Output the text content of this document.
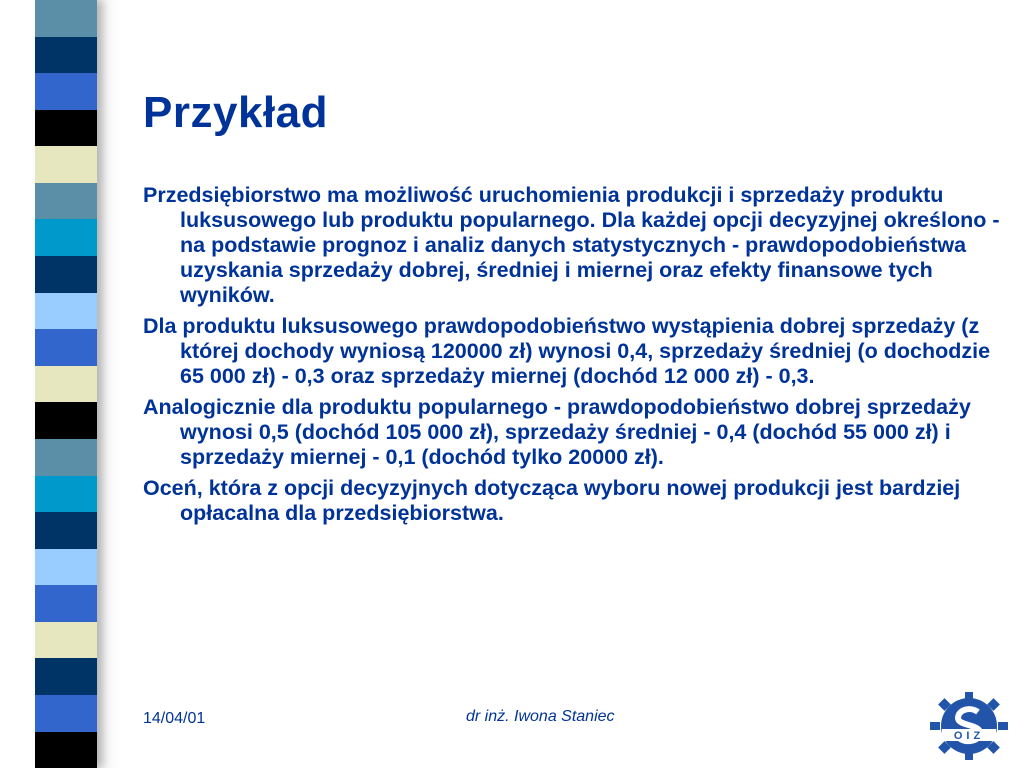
Przykład

Przedsiębiorstwo ma możliwość uruchomienia produkcji i sprzedaży produktu luksusowego lub produktu popularnego. Dla każdej opcji decyzyjnej określono - na podstawie prognoz i analiz danych statystycznych - prawdopodobieństwa uzyskania sprzedaży dobrej, średniej i miernej oraz efekty finansowe tych wyników.

Dla produktu luksusowego prawdopodobieństwo wystąpienia dobrej sprzedaży (z której dochody wyniosą 120000 zł) wynosi 0,4, sprzedaży średniej (o dochodzie 65 000 zł) - 0,3 oraz sprzedaży miernej (dochód 12 000 zł) - 0,3.

Analogicznie dla produktu popularnego - prawdopodobieństwo dobrej sprzedaży wynosi 0,5 (dochód 105 000 zł), sprzedaży średniej - 0,4 (dochód 55 000 zł) i sprzedaży miernej - 0,1 (dochód tylko 20000 zł).

Oceń, która z opcji decyzyjnych dotycząca wyboru nowej produkcji jest bardziej opłacalna dla przedsiębiorstwa.

14/04/01	dr inż. Iwona Staniec
OIZ
